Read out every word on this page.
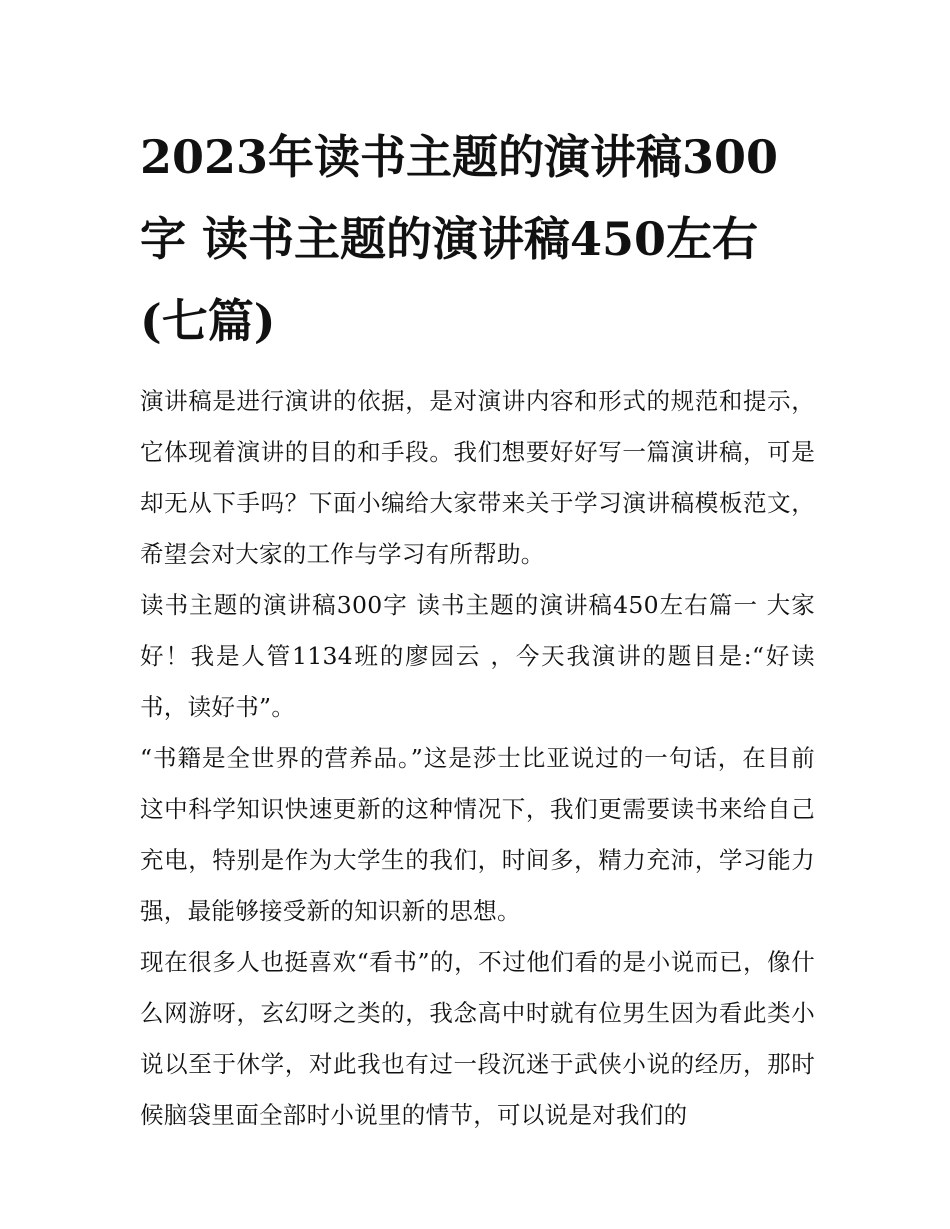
2023年读书主题的演讲稿300字 读书主题的演讲稿450左右(七篇)

演讲稿是进行演讲的依据，是对演讲内容和形式的规范和提示，它体现着演讲的目的和手段。我们想要好好写一篇演讲稿，可是却无从下手吗？下面小编给大家带来关于学习演讲稿模板范文，希望会对大家的工作与学习有所帮助。

读书主题的演讲稿300字 读书主题的演讲稿450左右篇一 大家好！我是人管1134班的廖园云 ，今天我演讲的题目是:“好读书，读好书”。

“书籍是全世界的营养品。”这是莎士比亚说过的一句话，在目前这中科学知识快速更新的这种情况下，我们更需要读书来给自己充电，特别是作为大学生的我们，时间多，精力充沛，学习能力强，最能够接受新的知识新的思想。

现在很多人也挺喜欢“看书”的，不过他们看的是小说而已，像什么网游呀，玄幻呀之类的，我念高中时就有位男生因为看此类小说以至于休学，对此我也有过一段沉迷于武侠小说的经历，那时候脑袋里面全部时小说里的情节，可以说是对我们的
